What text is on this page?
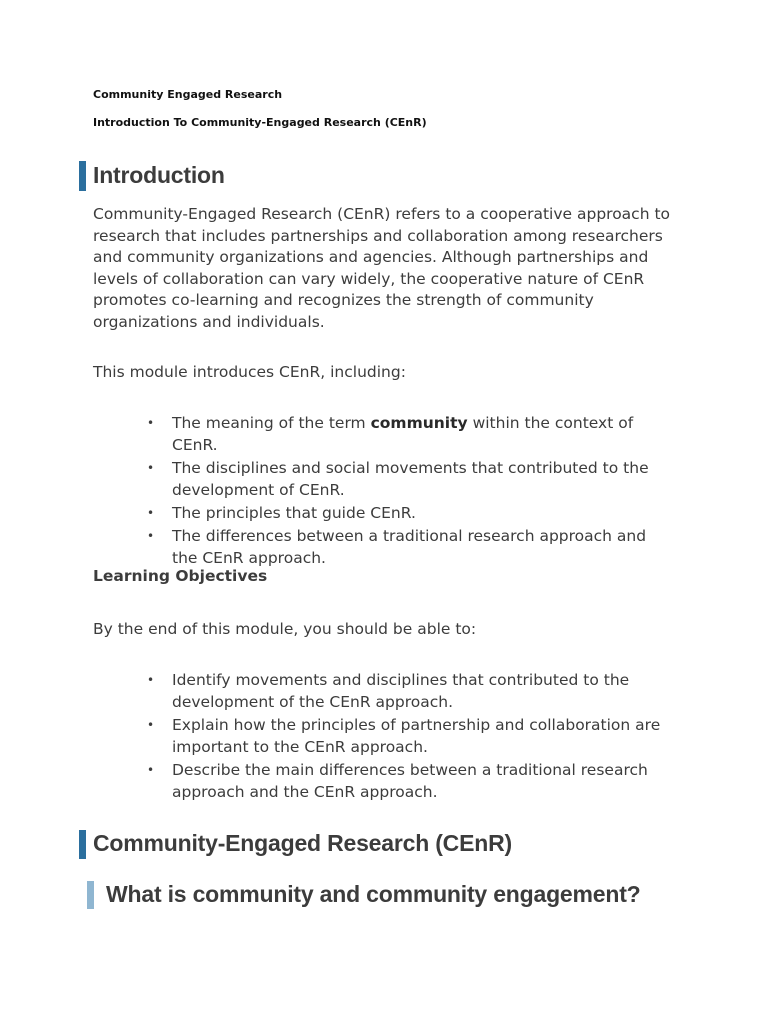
Community Engaged Research
Introduction To Community-Engaged Research (CEnR)
Introduction

Community-Engaged Research (CEnR) refers to a cooperative approach to research that includes partnerships and collaboration among researchers and community organizations and agencies. Although partnerships and levels of collaboration can vary widely, the cooperative nature of CEnR promotes co-learning and recognizes the strength of community organizations and individuals.

This module introduces CEnR, including:

• The meaning of the term community within the context of CEnR.
• The disciplines and social movements that contributed to the development of CEnR.
• The principles that guide CEnR.
• The differences between a traditional research approach and the CEnR approach.
Learning Objectives

By the end of this module, you should be able to:

• Identify movements and disciplines that contributed to the development of the CEnR approach.
• Explain how the principles of partnership and collaboration are important to the CEnR approach.
• Describe the main differences between a traditional research approach and the CEnR approach.
Community-Engaged Research (CEnR)
What is community and community engagement?
